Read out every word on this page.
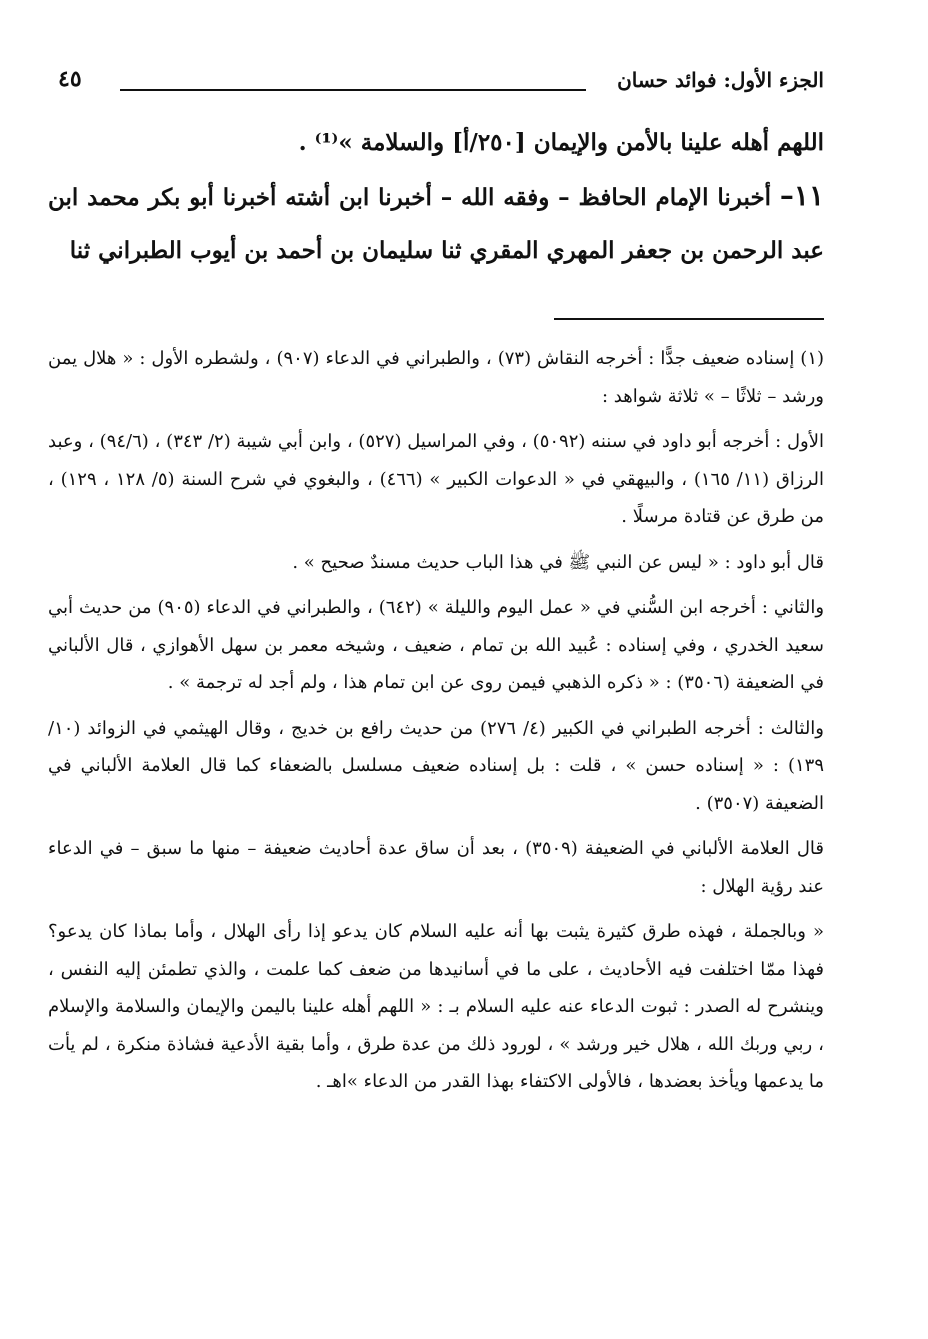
الجزء الأول: فوائد حسان
٤٥

اللهم أهله علينا بالأمن والإيمان [٢٥٠/أ] والسلامة »⁽¹⁾ .

١١– أخبرنا الإمام الحافظ – وفقه الله – أخبرنا ابن أشته أخبرنا أبو بكر محمد ابن عبد الرحمن بن جعفر المهري المقري ثنا سليمان بن أحمد بن أيوب الطبراني ثنا

(١) إسناده ضعيف جدًّا : أخرجه النقاش (٧٣) ، والطبراني في الدعاء (٩٠٧) ، ولشطره الأول : « هلال يمن ورشد – ثلاثًا – » ثلاثة شواهد :

الأول : أخرجه أبو داود في سننه (٥٠٩٢) ، وفي المراسيل (٥٢٧) ، وابن أبي شيبة (٢/ ٣٤٣) ، (٩٤/٦) ، وعبد الرزاق (١١/ ١٦٥) ، والبيهقي في « الدعوات الكبير » (٤٦٦) ، والبغوي في شرح السنة (٥/ ١٢٨ ، ١٢٩) ، من طرق عن قتادة مرسلًا .

قال أبو داود : « ليس عن النبي ﷺ في هذا الباب حديث مسندٌ صحيح » .

والثاني : أخرجه ابن السُّني في « عمل اليوم والليلة » (٦٤٢) ، والطبراني في الدعاء (٩٠٥) من حديث أبي سعيد الخدري ، وفي إسناده : عُبيد الله بن تمام ، ضعيف ، وشيخه معمر بن سهل الأهوازي ، قال الألباني في الضعيفة (٣٥٠٦) : « ذكره الذهبي فيمن روى عن ابن تمام هذا ، ولم أجد له ترجمة » .

والثالث : أخرجه الطبراني في الكبير (٤/ ٢٧٦) من حديث رافع بن خديج ، وقال الهيثمي في الزوائد (١٠/ ١٣٩) : « إسناده حسن » ، قلت : بل إسناده ضعيف مسلسل بالضعفاء كما قال العلامة الألباني في الضعيفة (٣٥٠٧) .

قال العلامة الألباني في الضعيفة (٣٥٠٩) ، بعد أن ساق عدة أحاديث ضعيفة – منها ما سبق – في الدعاء عند رؤية الهلال :

« وبالجملة ، فهذه طرق كثيرة يثبت بها أنه عليه السلام كان يدعو إذا رأى الهلال ، وأما بماذا كان يدعو؟ فهذا ممّا اختلفت فيه الأحاديث ، على ما في أسانيدها من ضعف كما علمت ، والذي تطمئن إليه النفس ، وينشرح له الصدر : ثبوت الدعاء عنه عليه السلام بـ : « اللهم أهله علينا باليمن والإيمان والسلامة والإسلام ، ربي وربك الله ، هلال خير ورشد » ، لورود ذلك من عدة طرق ، وأما بقية الأدعية فشاذة منكرة ، لم يأت ما يدعمها ويأخذ بعضدها ، فالأولى الاكتفاء بهذا القدر من الدعاء »اهـ .
